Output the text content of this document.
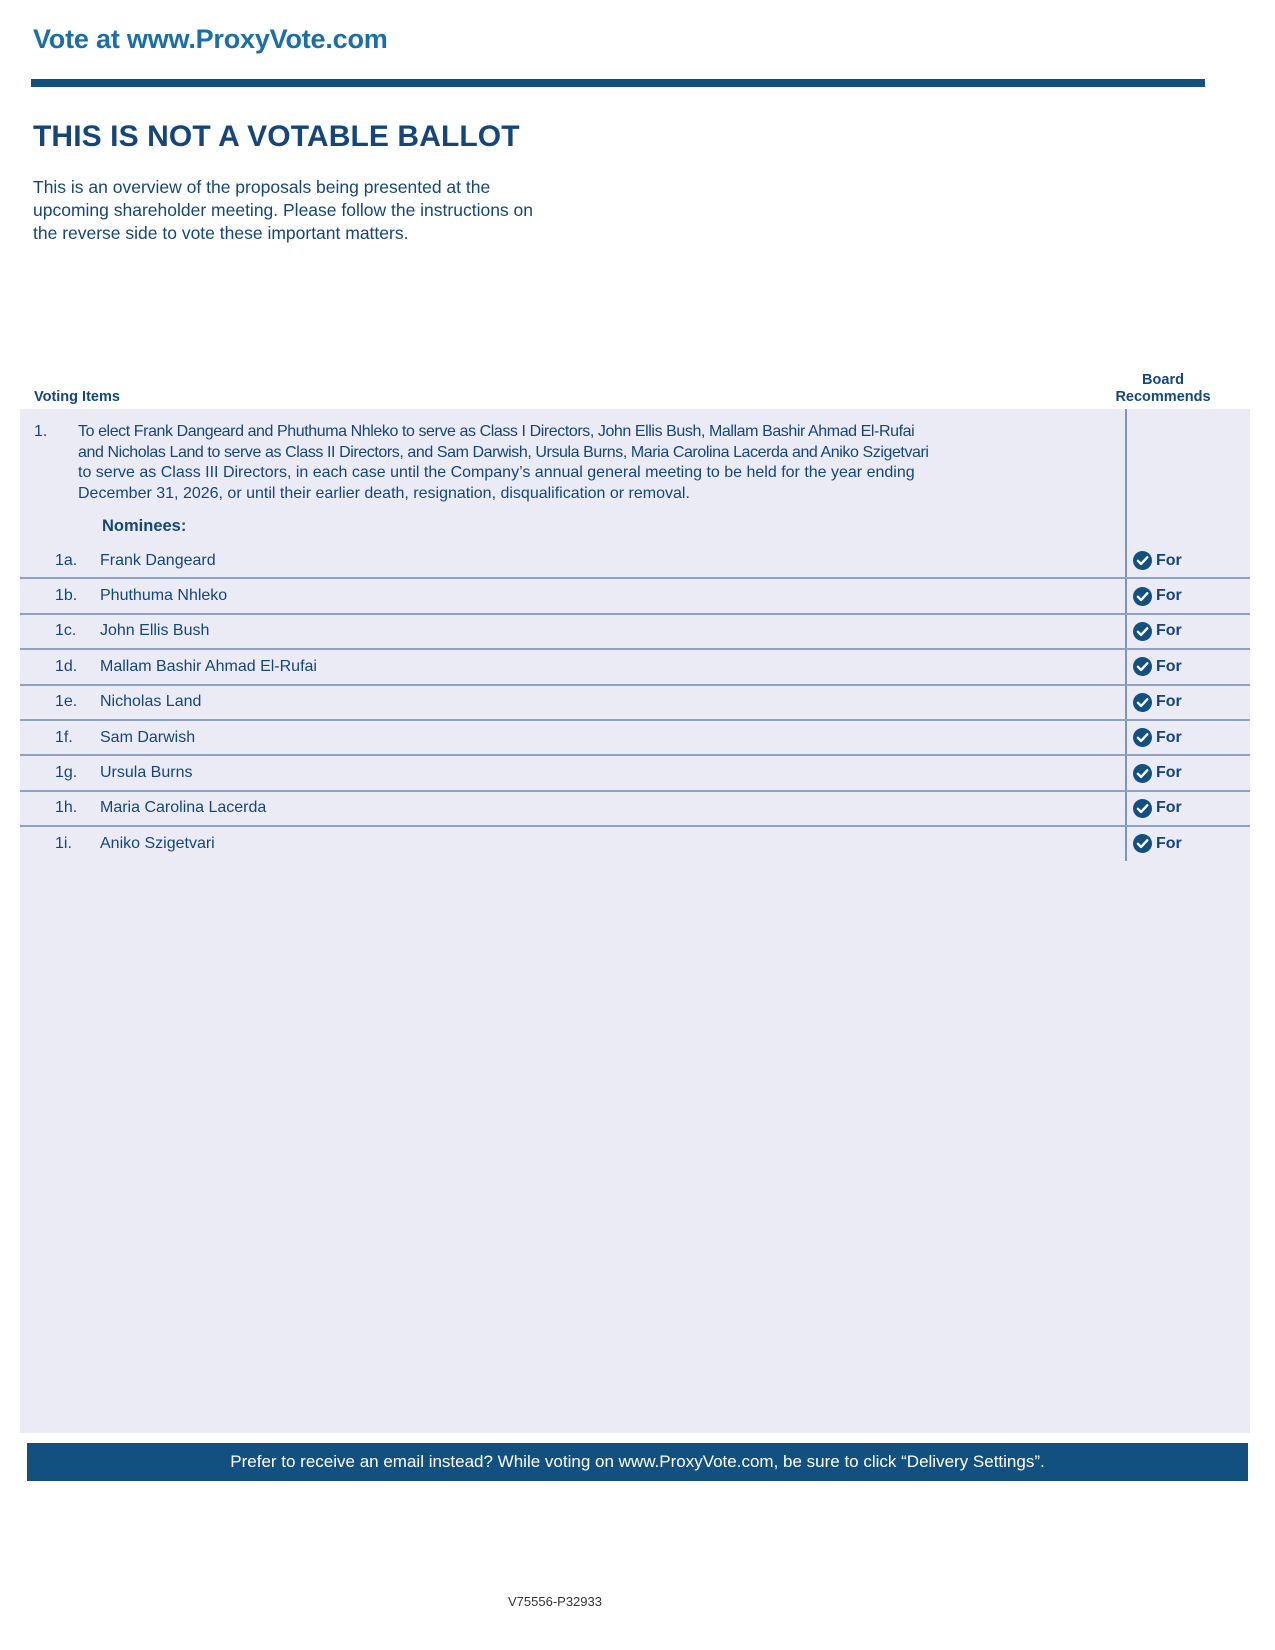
Vote at www.ProxyVote.com
THIS IS NOT A VOTABLE BALLOT
This is an overview of the proposals being presented at the
upcoming shareholder meeting. Please follow the instructions on
the reverse side to vote these important matters.
Voting Items
Board
Recommends
1.	To elect Frank Dangeard and Phuthuma Nhleko to serve as Class I Directors, John Ellis Bush, Mallam Bashir Ahmad El-Rufai
and Nicholas Land to serve as Class II Directors, and Sam Darwish, Ursula Burns, Maria Carolina Lacerda and Aniko Szigetvari
to serve as Class III Directors, in each case until the Company’s annual general meeting to be held for the year ending
December 31, 2026, or until their earlier death, resignation, disqualification or removal.
Nominees:
1a. Frank Dangeard	For
1b. Phuthuma Nhleko	For
1c. John Ellis Bush	For
1d. Mallam Bashir Ahmad El-Rufai	For
1e. Nicholas Land	For
1f. Sam Darwish	For
1g. Ursula Burns	For
1h. Maria Carolina Lacerda	For
1i. Aniko Szigetvari	For
Prefer to receive an email instead? While voting on www.ProxyVote.com, be sure to click “Delivery Settings”.
V75556-P32933
